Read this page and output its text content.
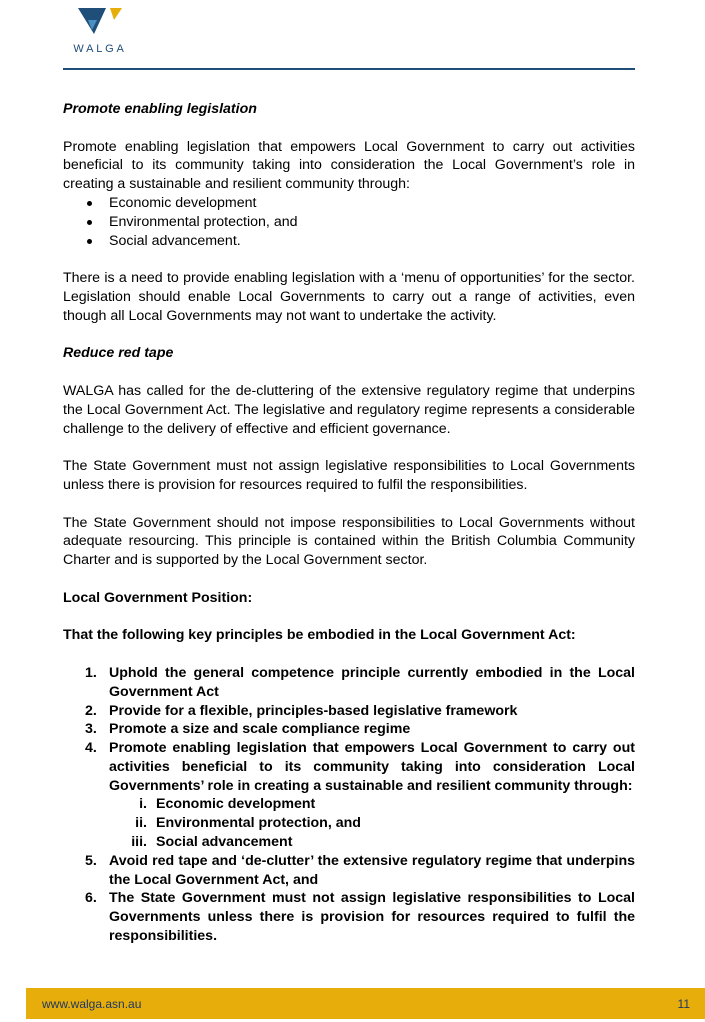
WALGA

Promote enabling legislation

Promote enabling legislation that empowers Local Government to carry out activities beneficial to its community taking into consideration the Local Government’s role in creating a sustainable and resilient community through:

Economic development
Environmental protection, and
Social advancement.

There is a need to provide enabling legislation with a ‘menu of opportunities’ for the sector. Legislation should enable Local Governments to carry out a range of activities, even though all Local Governments may not want to undertake the activity.

Reduce red tape

WALGA has called for the de-cluttering of the extensive regulatory regime that underpins the Local Government Act. The legislative and regulatory regime represents a considerable challenge to the delivery of effective and efficient governance.

The State Government must not assign legislative responsibilities to Local Governments unless there is provision for resources required to fulfil the responsibilities.

The State Government should not impose responsibilities to Local Governments without adequate resourcing. This principle is contained within the British Columbia Community Charter and is supported by the Local Government sector.

Local Government Position:

That the following key principles be embodied in the Local Government Act:

1. Uphold the general competence principle currently embodied in the Local Government Act
2. Provide for a flexible, principles-based legislative framework
3. Promote a size and scale compliance regime
4. Promote enabling legislation that empowers Local Government to carry out activities beneficial to its community taking into consideration Local Governments’ role in creating a sustainable and resilient community through:
i. Economic development
ii. Environmental protection, and
iii. Social advancement
5. Avoid red tape and ‘de-clutter’ the extensive regulatory regime that underpins the Local Government Act, and
6. The State Government must not assign legislative responsibilities to Local Governments unless there is provision for resources required to fulfil the responsibilities.
www.walga.asn.au	11
